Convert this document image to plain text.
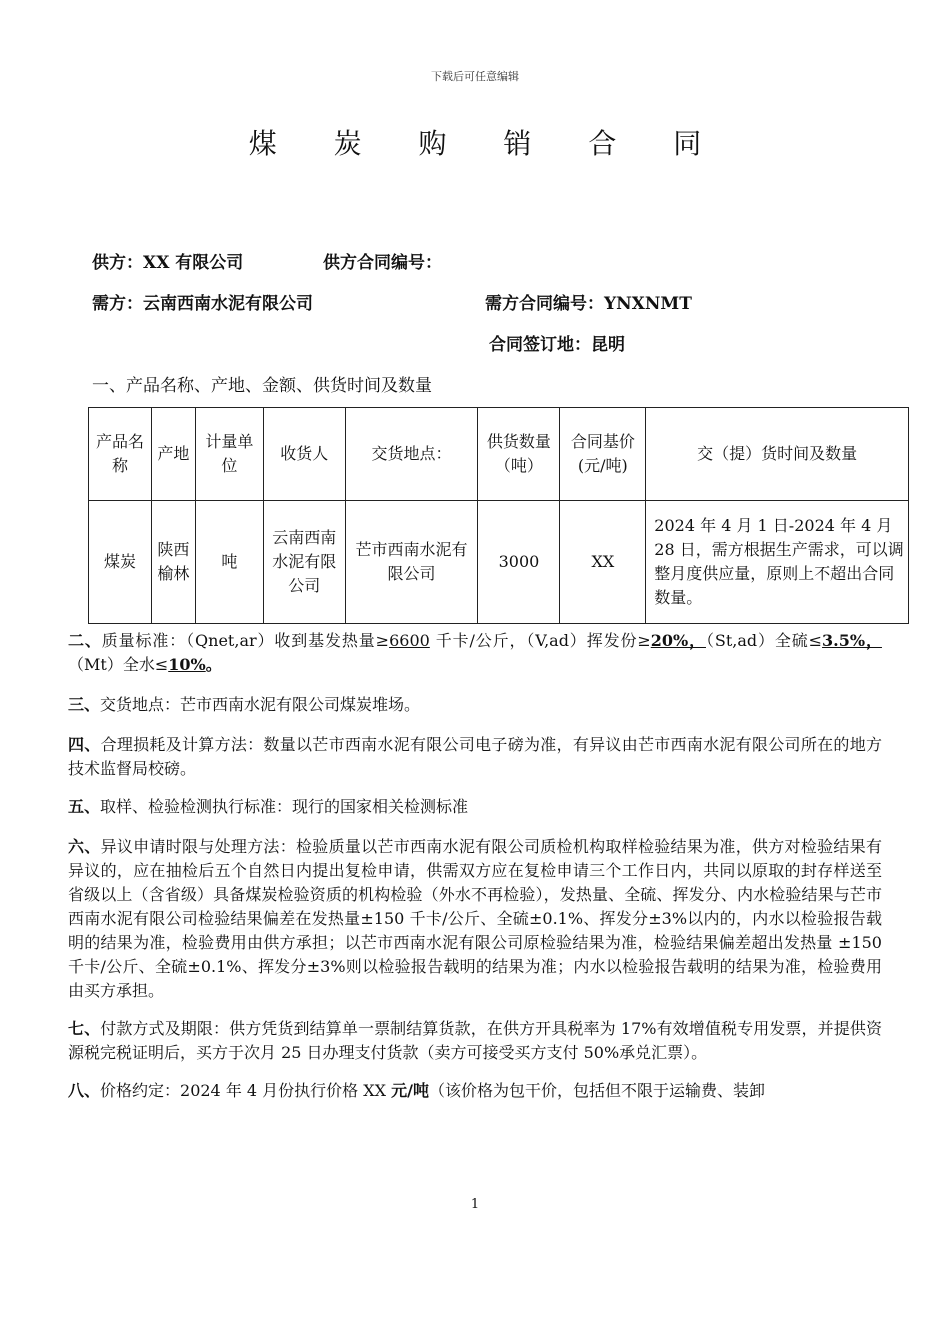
下载后可任意编辑
煤 炭 购 销 合 同
供方：XX 有限公司	供方合同编号：
需方：云南西南水泥有限公司	需方合同编号：YNXNMT
合同签订地：昆明
一、产品名称、产地、金额、供货时间及数量
产品名称	产地	计量单位	收货人	交货地点：	供货数量（吨）	合同基价(元/吨)	交（提）货时间及数量
煤炭	陕西榆林	吨	云南西南水泥有限公司	芒市西南水泥有限公司	3000	XX	2024 年 4 月 1 日-2024 年 4 月 28 日，需方根据生产需求，可以调整月度供应量，原则上不超出合同数量。

二、质量标准：（Qnet,ar）收到基发热量≥6600 千卡/公斤，（V,ad）挥发份≥20%，（St,ad）全硫≤3.5%，（Mt）全水≤10%。

三、交货地点：芒市西南水泥有限公司煤炭堆场。

四、合理损耗及计算方法：数量以芒市西南水泥有限公司电子磅为准，有异议由芒市西南水泥有限公司所在的地方技术监督局校磅。

五、取样、检验检测执行标准：现行的国家相关检测标准

六、异议申请时限与处理方法：检验质量以芒市西南水泥有限公司质检机构取样检验结果为准，供方对检验结果有异议的，应在抽检后五个自然日内提出复检申请，供需双方应在复检申请三个工作日内，共同以原取的封存样送至省级以上（含省级）具备煤炭检验资质的机构检验（外水不再检验），发热量、全硫、挥发分、内水检验结果与芒市西南水泥有限公司检验结果偏差在发热量±150 千卡/公斤、全硫±0.1%、挥发分±3%以内的，内水以检验报告载明的结果为准，检验费用由供方承担；以芒市西南水泥有限公司原检验结果为准，检验结果偏差超出发热量 ±150 千卡/公斤、全硫±0.1%、挥发分±3%则以检验报告载明的结果为准；内水以检验报告载明的结果为准，检验费用由买方承担。

七、付款方式及期限：供方凭货到结算单一票制结算货款，在供方开具税率为 17%有效增值税专用发票，并提供资源税完税证明后，买方于次月 25 日办理支付货款（卖方可接受买方支付 50%承兑汇票）。

八、价格约定：2024 年 4 月份执行价格 XX 元/吨（该价格为包干价，包括但不限于运输费、装卸

1
